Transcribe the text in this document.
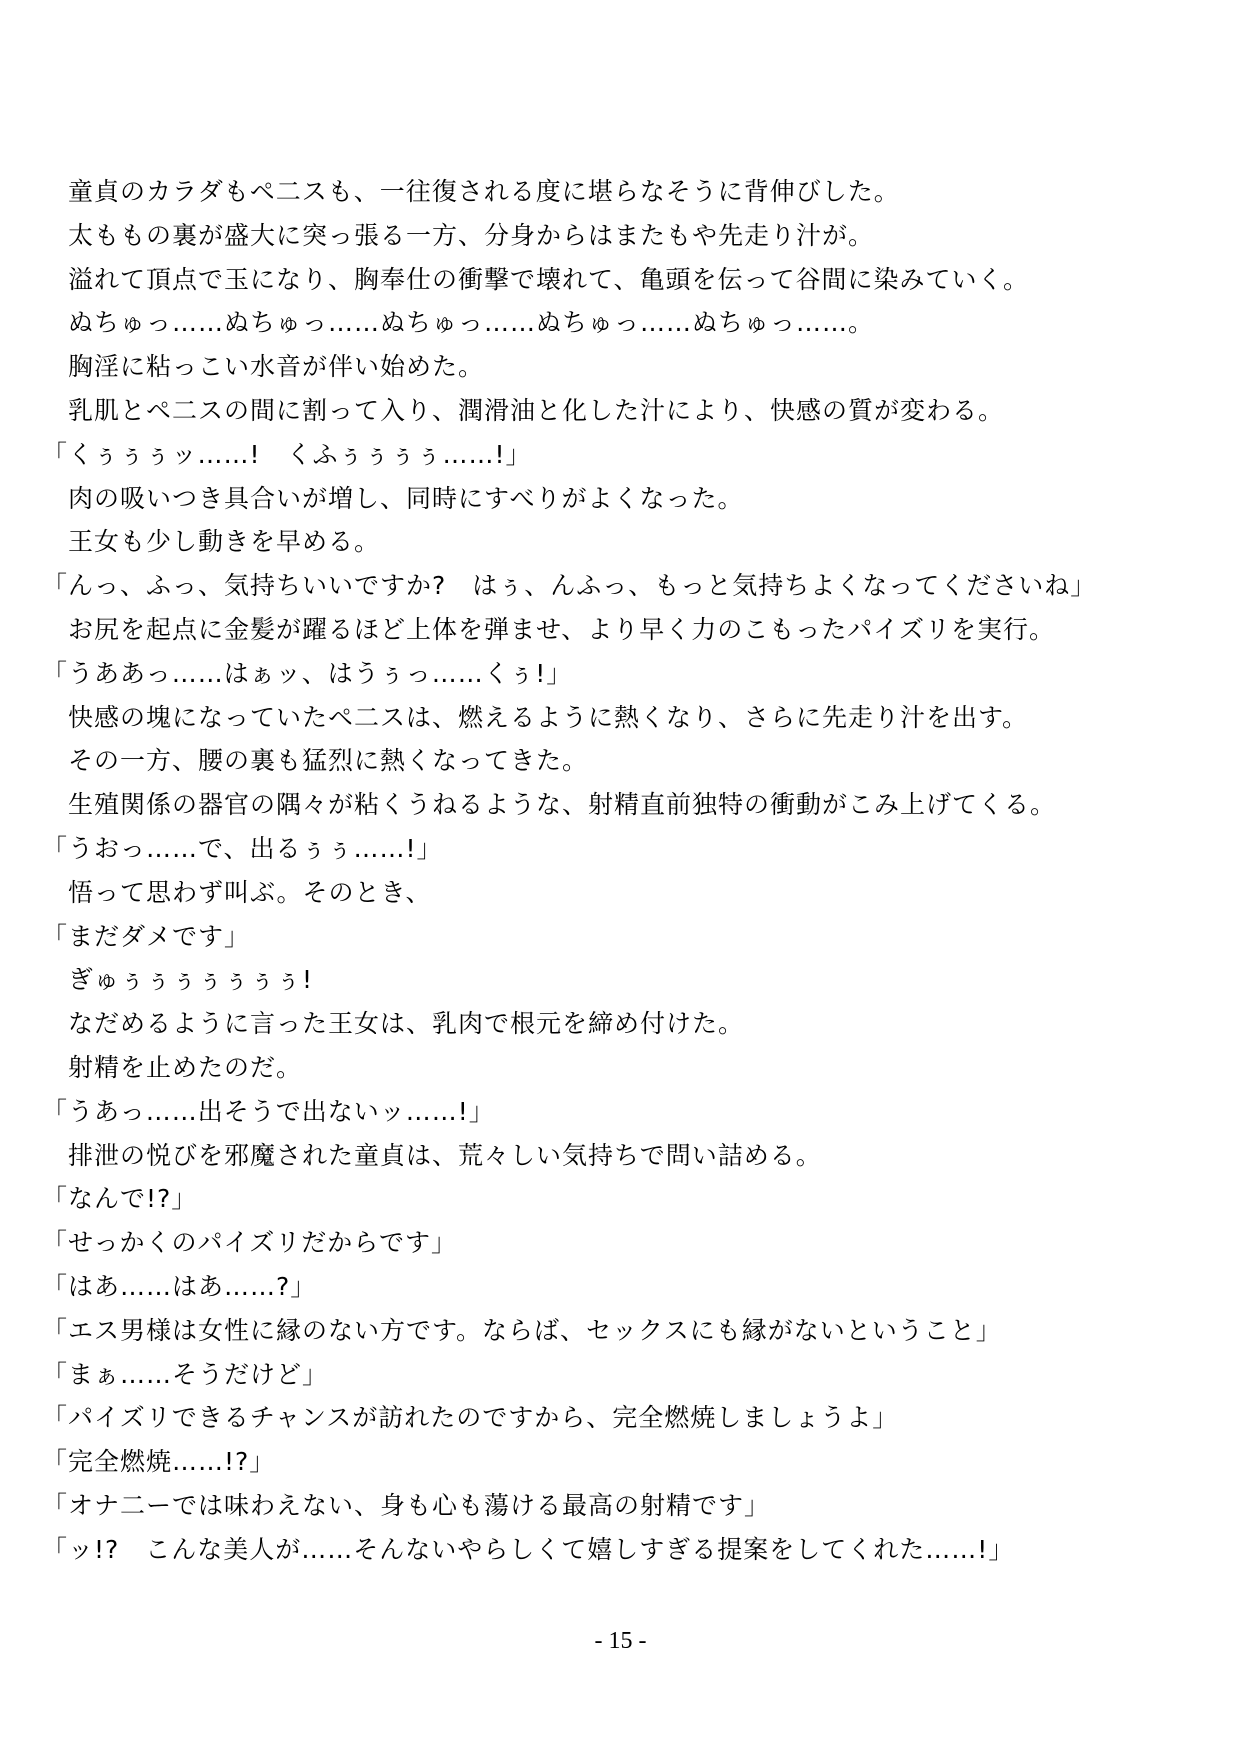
　童貞のカラダもペ二スも、一往復される度に堪らなそうに背伸びした。
　太ももの裏が盛大に突っ張る一方、分身からはまたもや先走り汁が。
　溢れて頂点で玉になり、胸奉仕の衝撃で壊れて、亀頭を伝って谷間に染みていく。
　ぬちゅっ……ぬちゅっ……ぬちゅっ……ぬちゅっ……ぬちゅっ……。
　胸淫に粘っこい水音が伴い始めた。
　乳肌とペ二スの間に割って入り、潤滑油と化した汁により、快感の質が変わる。
「くぅぅぅッ……!　くふぅぅぅぅ……!」
　肉の吸いつき具合いが増し、同時にすべりがよくなった。
　王女も少し動きを早める。
「んっ、ふっ、気持ちいいですか?　はぅ、んふっ、もっと気持ちよくなってくださいね」
　お尻を起点に金髪が躍るほど上体を弾ませ、より早く力のこもったパイズリを実行。
「うああっ……はぁッ、はうぅっ……くぅ!」
　快感の塊になっていたペ二スは、燃えるように熱くなり、さらに先走り汁を出す。
　その一方、腰の裏も猛烈に熱くなってきた。
　生殖関係の器官の隅々が粘くうねるような、射精直前独特の衝動がこみ上げてくる。
「うおっ……で、出るぅぅ……!」
　悟って思わず叫ぶ。そのとき、
「まだダメです」
　ぎゅぅぅぅぅぅぅぅ!
　なだめるように言った王女は、乳肉で根元を締め付けた。
　射精を止めたのだ。
「うあっ……出そうで出ないッ……!」
　排泄の悦びを邪魔された童貞は、荒々しい気持ちで問い詰める。
「なんで!?」
「せっかくのパイズリだからです」
「はあ……はあ……?」
「エス男様は女性に縁のない方です。ならば、セックスにも縁がないということ」
「まぁ……そうだけど」
「パイズリできるチャンスが訪れたのですから、完全燃焼しましょうよ」
「完全燃焼……!?」
「オナ二ーでは味わえない、身も心も蕩ける最高の射精です」
「ッ!?　こんな美人が……そんないやらしくて嬉しすぎる提案をしてくれた……!」
- 15 -
